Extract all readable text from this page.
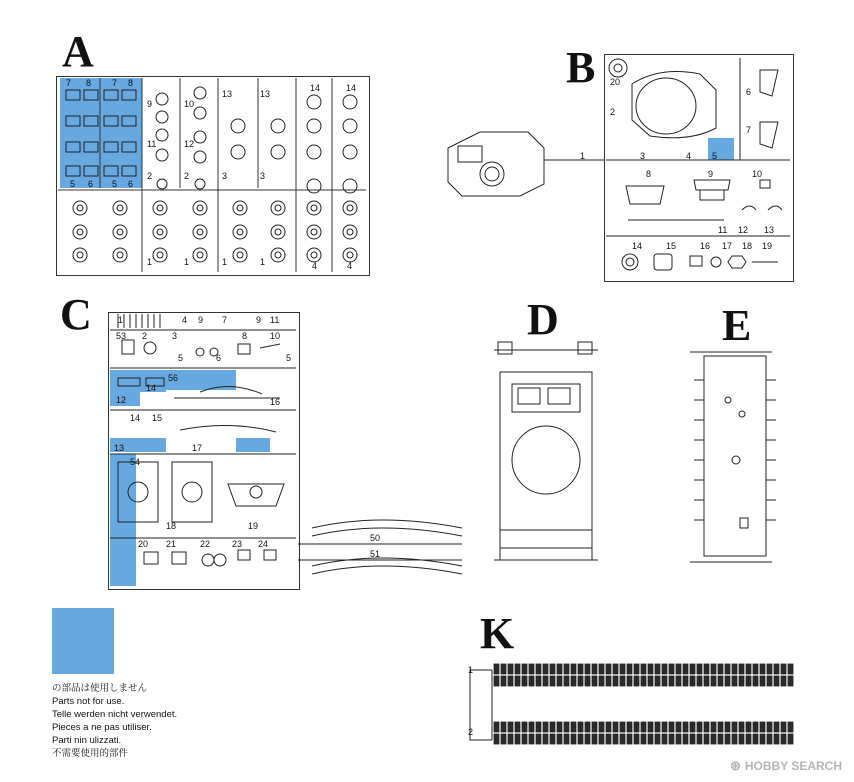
A	B
C	D	E
K
7 8 7 8
5 6 5 6
9	10
11	12
13	13
14	14
2	2	3	3
1	1	1	1	4	4
20
2
1	3	4 5
6
7
8	9	10
11 12 13
14	15	16 17 18 19
1	4 9 7	9 11
53 2	3	8	10
5	6	5
56
14
12	16
13
14 15
17
54
18	19
20 21	22 23 24
50
51
1
2
の部品は使用しません
Parts not for use.
Telle werden nicht verwendet.
Pieces a ne pas utiliser.
Parti nin ulizzati.
不需要使用的部件
⊛ HOBBY SEARCH
